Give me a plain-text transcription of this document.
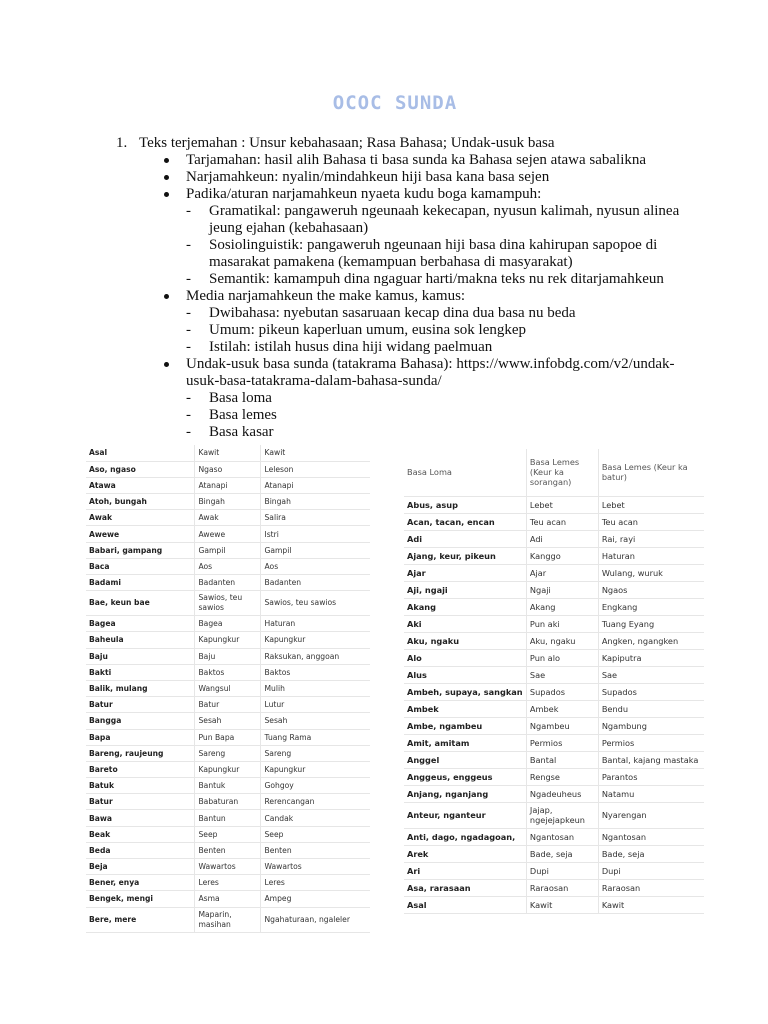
OCOC SUNDA
1. Teks terjemahan : Unsur kebahasaan; Rasa Bahasa; Undak-usuk basa
Tarjamahan: hasil alih Bahasa ti basa sunda ka Bahasa sejen atawa sabalikna
Narjamahkeun: nyalin/mindahkeun hiji basa kana basa sejen
Padika/aturan narjamahkeun nyaeta kudu boga kamampuh:
- Gramatikal: pangaweruh ngeunaah kekecapan, nyusun kalimah, nyusun alinea
jeung ejahan (kebahasaan)
- Sosiolinguistik: pangaweruh ngeunaan hiji basa dina kahirupan sapopoe di
masarakat pamakena (kemampuan berbahasa di masyarakat)
- Semantik: kamampuh dina ngaguar harti/makna teks nu rek ditarjamahkeun
Media narjamahkeun the make kamus, kamus:
- Dwibahasa: nyebutan sasaruaan kecap dina dua basa nu beda
- Umum: pikeun kaperluan umum, eusina sok lengkep
- Istilah: istilah husus dina hiji widang paelmuan
Undak-usuk basa sunda (tatakrama Bahasa): https://www.infobdg.com/v2/undak-
usuk-basa-tatakrama-dalam-bahasa-sunda/
- Basa loma
- Basa lemes
- Basa kasar
Asal	Kawit	Kawit
Aso, ngaso	Ngaso	Leleson
Atawa	Atanapi	Atanapi
Atoh, bungah	Bingah	Bingah
Awak	Awak	Salira
Awewe	Awewe	Istri
Babari, gampang	Gampil	Gampil
Baca	Aos	Aos
Badami	Badanten	Badanten
Bae, keun bae	Sawios, teu sawios	Sawios, teu sawios
Bagea	Bagea	Haturan
Baheula	Kapungkur	Kapungkur
Baju	Baju	Raksukan, anggoan
Bakti	Baktos	Baktos
Balik, mulang	Wangsul	Mulih
Batur	Batur	Lutur
Bangga	Sesah	Sesah
Bapa	Pun Bapa	Tuang Rama
Bareng, raujeung	Sareng	Sareng
Bareto	Kapungkur	Kapungkur
Batuk	Bantuk	Gohgoy
Batur	Babaturan	Rerencangan
Bawa	Bantun	Candak
Beak	Seep	Seep
Beda	Benten	Benten
Beja	Wawartos	Wawartos
Bener, enya	Leres	Leres
Bengek, mengi	Asma	Ampeg
Bere, mere	Maparin, masihan	Ngahaturaan, ngaleler
Basa Loma	Basa Lemes (Keur ka sorangan)	Basa Lemes (Keur ka batur)
Abus, asup	Lebet	Lebet
Acan, tacan, encan	Teu acan	Teu acan
Adi	Adi	Rai, rayi
Ajang, keur, pikeun	Kanggo	Haturan
Ajar	Ajar	Wulang, wuruk
Aji, ngaji	Ngaji	Ngaos
Akang	Akang	Engkang
Aki	Pun aki	Tuang Eyang
Aku, ngaku	Aku, ngaku	Angken, ngangken
Alo	Pun alo	Kapiputra
Alus	Sae	Sae
Ambeh, supaya, sangkan	Supados	Supados
Ambek	Ambek	Bendu
Ambe, ngambeu	Ngambeu	Ngambung
Amit, amitam	Permios	Permios
Anggel	Bantal	Bantal, kajang mastaka
Anggeus, enggeus	Rengse	Parantos
Anjang, nganjang	Ngadeuheus	Natamu
Anteur, nganteur	Jajap, ngejejapkeun	Nyarengan
Anti, dago, ngadagoan,	Ngantosan	Ngantosan
Arek	Bade, seja	Bade, seja
Ari	Dupi	Dupi
Asa, rarasaan	Raraosan	Raraosan
Asal	Kawit	Kawit
